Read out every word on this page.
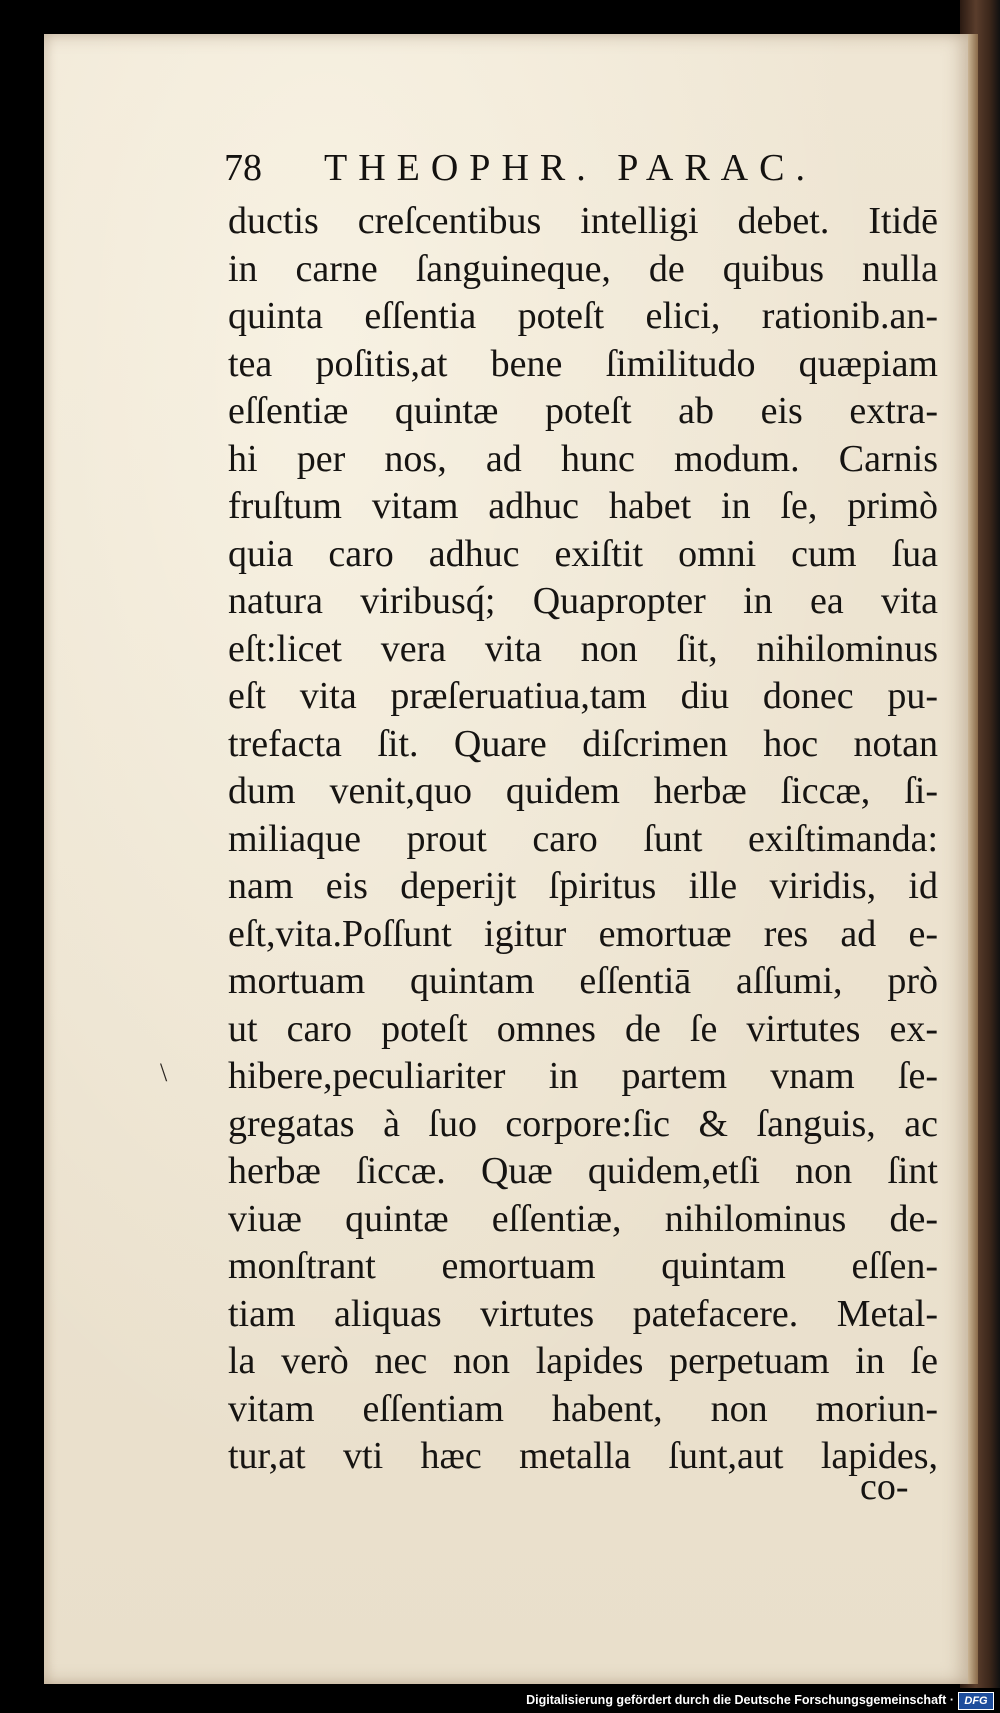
78 THEOPHR. PARAC.
ductis creſcentibus intelligi debet. Itidē
in carne ſanguineque, de quibus nulla
quinta eſſentia poteſt elici, rationib.an-
tea poſitis,at bene ſimilitudo quæpiam
eſſentiæ quintæ poteſt ab eis extra-
hi per nos, ad hunc modum. Carnis
fruſtum vitam adhuc habet in ſe, primò
quia caro adhuc exiſtit omni cum ſua
natura viribusq́; Quapropter in ea vita
eſt:licet vera vita non ſit, nihilominus
eſt vita præſeruatiua,tam diu donec pu-
trefacta ſit. Quare diſcrimen hoc notan
dum venit,quo quidem herbæ ſiccæ, ſi-
miliaque prout caro ſunt exiſtimanda:
nam eis deperijt ſpiritus ille viridis, id
eſt,vita.Poſſunt igitur emortuæ res ad e-
mortuam quintam eſſentiā aſſumi, prò
ut caro poteſt omnes de ſe virtutes ex-
hibere,peculiariter in partem vnam ſe-
gregatas à ſuo corpore:ſic & ſanguis, ac
herbæ ſiccæ. Quæ quidem,etſi non ſint
viuæ quintæ eſſentiæ, nihilominus de-
monſtrant emortuam quintam eſſen-
tiam aliquas virtutes patefacere. Metal-
la verò nec non lapides perpetuam in ſe
vitam eſſentiam habent, non moriun-
tur,at vti hæc metalla ſunt,aut lapides,
\
co-
Digitalisierung gefördert durch die Deutsche Forschungsgemeinschaft · DFG
